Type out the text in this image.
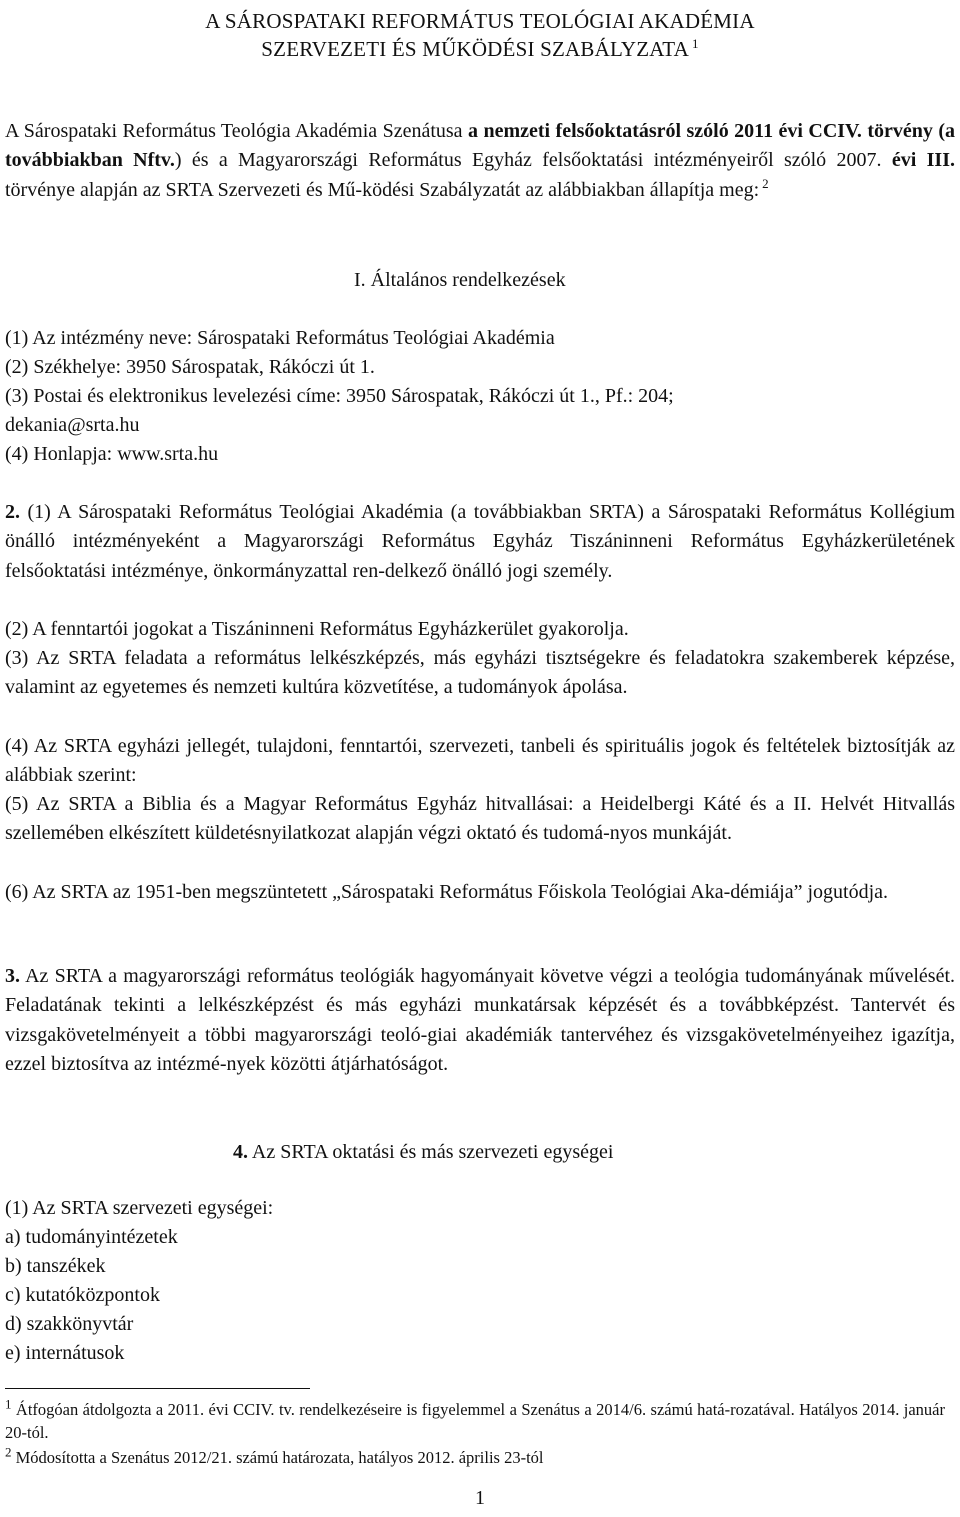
A SÁROSPATAKI REFORMÁTUS TEOLÓGIAI AKADÉMIA
SZERVEZETI ÉS MŰKÖDÉSI SZABÁLYZATA $^1$
A Sárospataki Református Teológia Akadémia Szenátusa a nemzeti felsőoktatásról szóló 2011 évi CCIV. törvény (a továbbiakban Nftv.) és a Magyarországi Református Egyház felsőoktatási intézményeiről szóló 2007. évi III. törvénye alapján az SRTA Szervezeti és Mű-ködési Szabályzatát az alábbiakban állapítja meg: $^2$
I. Általános rendelkezések
(1) Az intézmény neve: Sárospataki Református Teológiai Akadémia
(2) Székhelye: 3950 Sárospatak, Rákóczi út 1.
(3) Postai és elektronikus levelezési címe: 3950 Sárospatak, Rákóczi út 1., Pf.: 204;
dekania@srta.hu
(4) Honlapja: www.srta.hu
2. (1) A Sárospataki Református Teológiai Akadémia (a továbbiakban SRTA) a Sárospataki Református Kollégium önálló intézményeként a Magyarországi Református Egyház Tiszáninneni Református Egyházkerületének felsőoktatási intézménye, önkormányzattal ren-delkező önálló jogi személy.
(2) A fenntartói jogokat a Tiszáninneni Református Egyházkerület gyakorolja.
(3) Az SRTA feladata a református lelkészképzés, más egyházi tisztségekre és feladatokra szakemberek képzése, valamint az egyetemes és nemzeti kultúra közvetítése, a tudományok ápolása.
(4) Az SRTA egyházi jellegét, tulajdoni, fenntartói, szervezeti, tanbeli és spirituális jogok és feltételek biztosítják az alábbiak szerint:
(5) Az SRTA a Biblia és a Magyar Református Egyház hitvallásai: a Heidelbergi Káté és a II. Helvét Hitvallás szellemében elkészített küldetésnyilatkozat alapján végzi oktató és tudomá-nyos munkáját.
(6) Az SRTA az 1951-ben megszüntetett „Sárospataki Református Főiskola Teológiai Aka-démiája” jogutódja.
3. Az SRTA a magyarországi református teológiák hagyományait követve végzi a teológia tudományának művelését. Feladatának tekinti a lelkészképzést és más egyházi munkatársak képzését és a továbbképzést. Tantervét és vizsgakövetelményeit a többi magyarországi teoló-giai akadémiák tantervéhez és vizsgakövetelményeihez igazítja, ezzel biztosítva az intézmé-nyek közötti átjárhatóságot.
4. Az SRTA oktatási és más szervezeti egységei
(1) Az SRTA szervezeti egységei:
a) tudományintézetek
b) tanszékek
c) kutatóközpontok
d) szakkönyvtár
e) internátusok
$^1$ Átfogóan átdolgozta a 2011. évi CCIV. tv. rendelkezéseire is figyelemmel a Szenátus a 2014/6. számú hatá-rozatával. Hatályos 2014. január 20-tól.
$^2$ Módosította a Szenátus 2012/21. számú határozata, hatályos 2012. április 23-tól
1
